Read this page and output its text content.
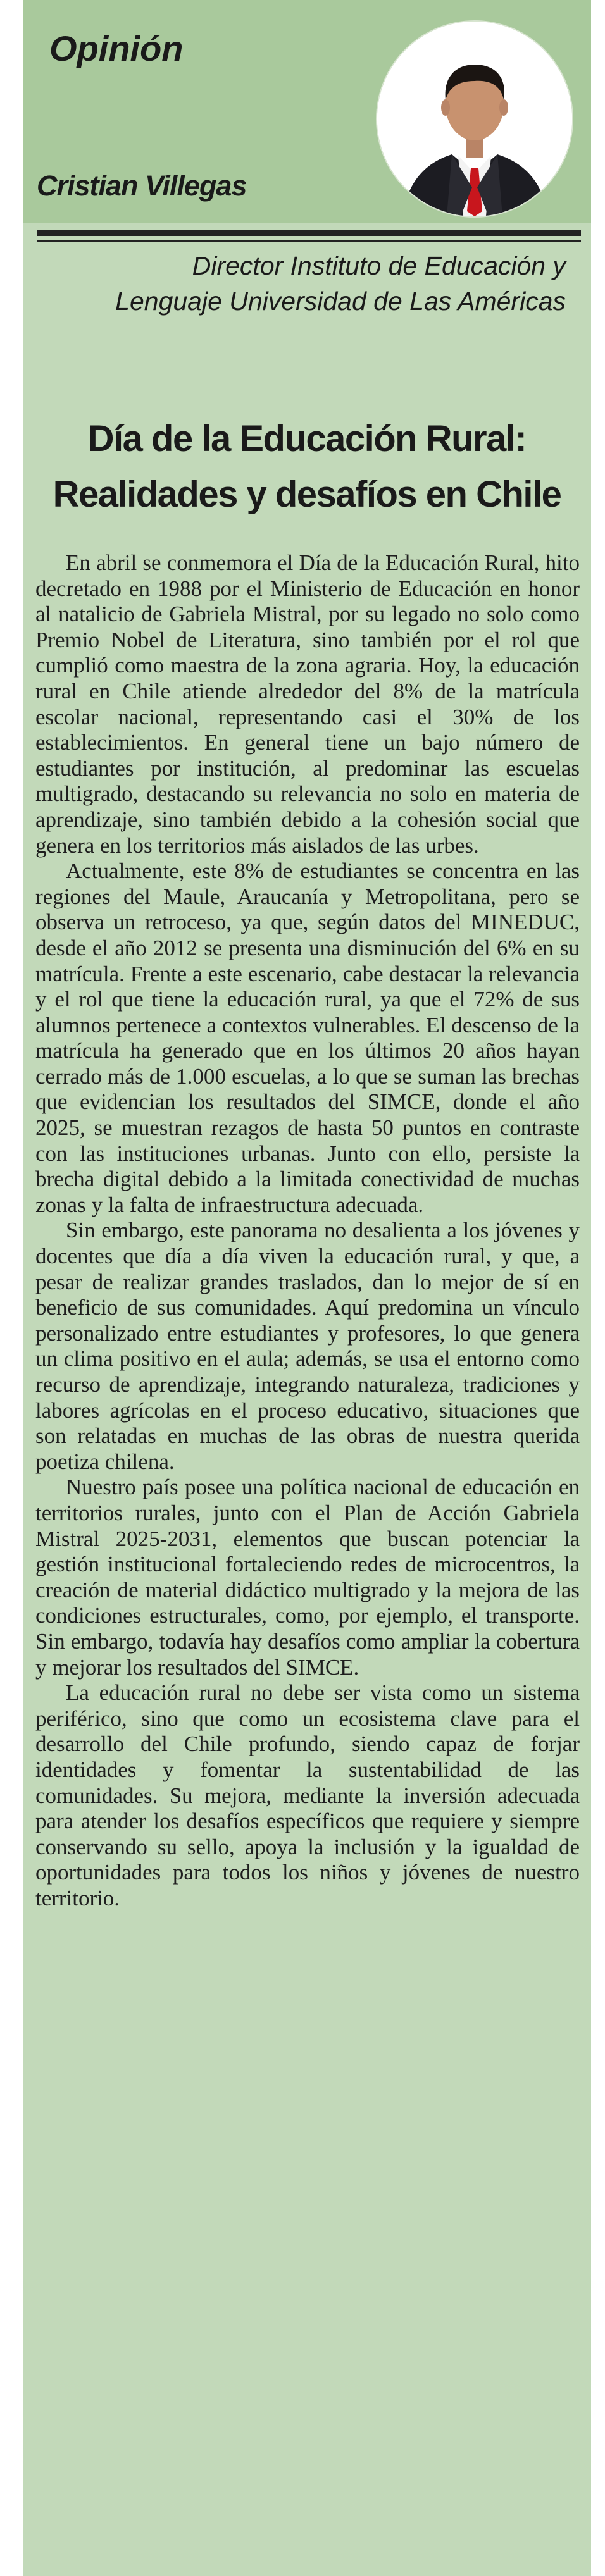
Opinión
Cristian Villegas
Director Instituto de Educación y Lenguaje Universidad de Las Américas
Día de la Educación Rural:
Realidades y desafíos en Chile

En abril se conmemora el Día de la Educación Rural, hito decretado en 1988 por el Ministerio de Educación en honor al natalicio de Gabriela Mistral, por su legado no solo como Premio Nobel de Literatura, sino también por el rol que cumplió como maestra de la zona agraria. Hoy, la educación rural en Chile atiende alrededor del 8% de la matrícula escolar nacional, representando casi el 30% de los establecimientos. En general tiene un bajo número de estudiantes por institución, al predominar las escuelas multigrado, destacando su relevancia no solo en materia de aprendizaje, sino también debido a la cohesión social que genera en los territorios más aislados de las urbes.

Actualmente, este 8% de estudiantes se concentra en las regiones del Maule, Araucanía y Metropolitana, pero se observa un retroceso, ya que, según datos del MINEDUC, desde el año 2012 se presenta una disminución del 6% en su matrícula. Frente a este escenario, cabe destacar la relevancia y el rol que tiene la educación rural, ya que el 72% de sus alumnos pertenece a contextos vulnerables. El descenso de la matrícula ha generado que en los últimos 20 años hayan cerrado más de 1.000 escuelas, a lo que se suman las brechas que evidencian los resultados del SIMCE, donde el año 2025, se muestran rezagos de hasta 50 puntos en contraste con las instituciones urbanas. Junto con ello, persiste la brecha digital debido a la limitada conectividad de muchas zonas y la falta de infraestructura adecuada.

Sin embargo, este panorama no desalienta a los jóvenes y docentes que día a día viven la educación rural, y que, a pesar de realizar grandes traslados, dan lo mejor de sí en beneficio de sus comunidades. Aquí predomina un vínculo personalizado entre estudiantes y profesores, lo que genera un clima positivo en el aula; además, se usa el entorno como recurso de aprendizaje, integrando naturaleza, tradiciones y labores agrícolas en el proceso educativo, situaciones que son relatadas en muchas de las obras de nuestra querida poetiza chilena.

Nuestro país posee una política nacional de educación en territorios rurales, junto con el Plan de Acción Gabriela Mistral 2025-2031, elementos que buscan potenciar la gestión institucional fortaleciendo redes de microcentros, la creación de material didáctico multigrado y la mejora de las condiciones estructurales, como, por ejemplo, el transporte. Sin embargo, todavía hay desafíos como ampliar la cobertura y mejorar los resultados del SIMCE.

La educación rural no debe ser vista como un sistema periférico, sino que como un ecosistema clave para el desarrollo del Chile profundo, siendo capaz de forjar identidades y fomentar la sustentabilidad de las comunidades. Su mejora, mediante la inversión adecuada para atender los desafíos específicos que requiere y siempre conservando su sello, apoya la inclusión y la igualdad de oportunidades para todos los niños y jóvenes de nuestro territorio.
